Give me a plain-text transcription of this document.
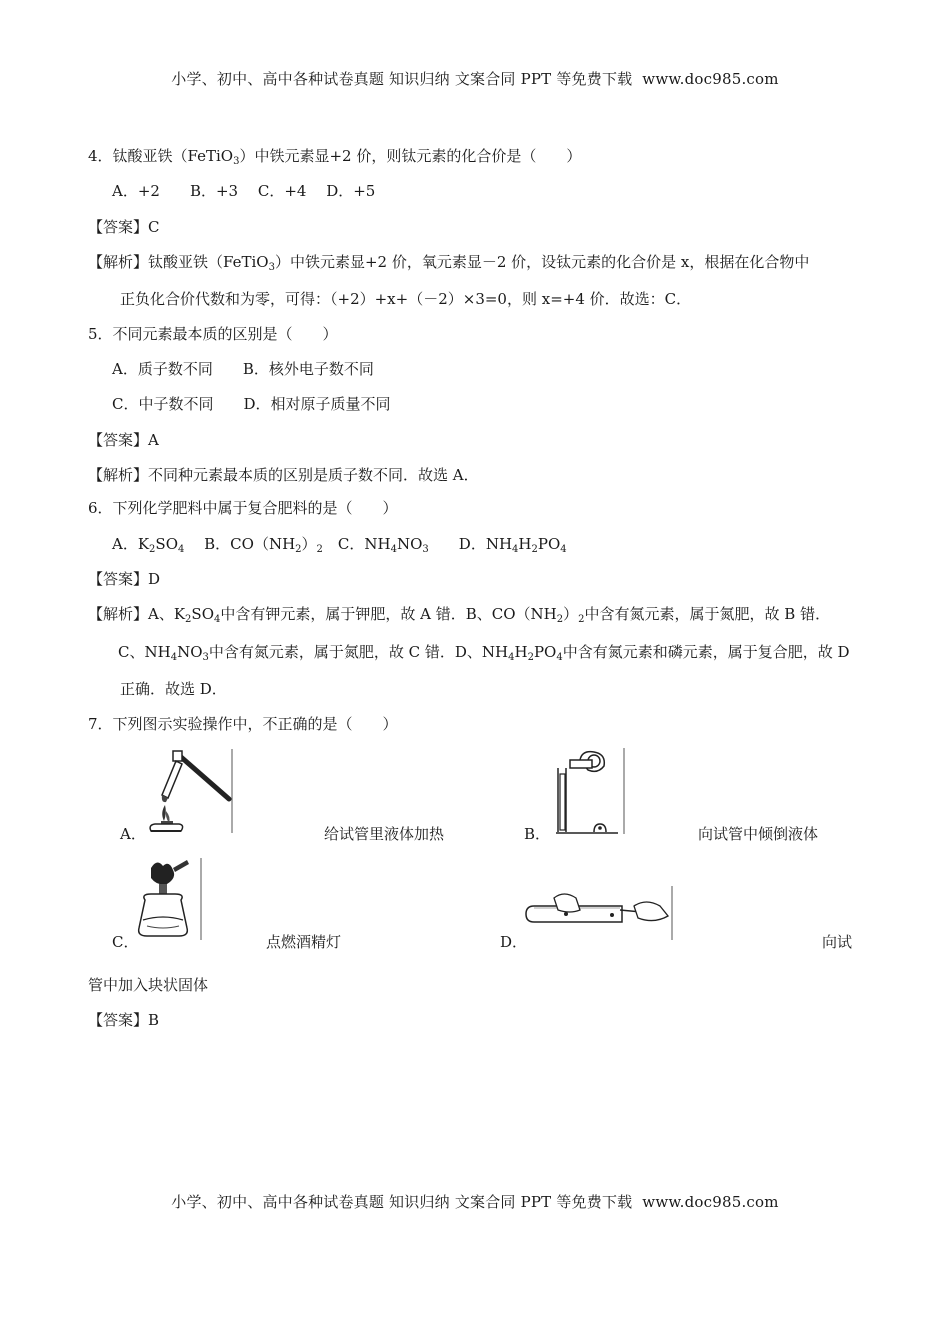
小学、初中、高中各种试卷真题 知识归纳 文案合同 PPT 等免费下载 www.doc985.com
4．钛酸亚铁（FeTiO$_3$）中铁元素显+2 价，则钛元素的化合价是（　　）
A．+2　　B．+3　 C．+4　 D．+5
【答案】C
【解析】钛酸亚铁（FeTiO$_3$）中铁元素显+2 价，氧元素显－2 价，设钛元素的化合价是 x，根据在化合物中
正负化合价代数和为零，可得：（+2）+x+（－2）×3=0，则 x=+4 价．故选：C．
5．不同元素最本质的区别是（　　）
A．质子数不同　　B．核外电子数不同
C．中子数不同　　D．相对原子质量不同
【答案】A
【解析】不同种元素最本质的区别是质子数不同．故选 A．
6．下列化学肥料中属于复合肥料的是（　　）
A．$K_2SO_4$　 B．$CO(NH_2)_2$　C．$NH_4NO_3$　　D．$NH_4H_2PO_4$
【答案】D
【解析】A、$K_2SO_4$中含有钾元素，属于钾肥，故 A 错．B、$CO(NH_2)_2$中含有氮元素，属于氮肥，故 B 错．
C、$NH_4NO_3$中含有氮元素，属于氮肥，故 C 错．D、$NH_4H_2PO_4$中含有氮元素和磷元素，属于复合肥，故 D
正确．故选 D．
7．下列图示实验操作中，不正确的是（　　）
A．	给试管里液体加热	B．	向试管中倾倒液体
C．	点燃酒精灯	D．	向试
管中加入块状固体
【答案】B
小学、初中、高中各种试卷真题 知识归纳 文案合同 PPT 等免费下载 www.doc985.com
